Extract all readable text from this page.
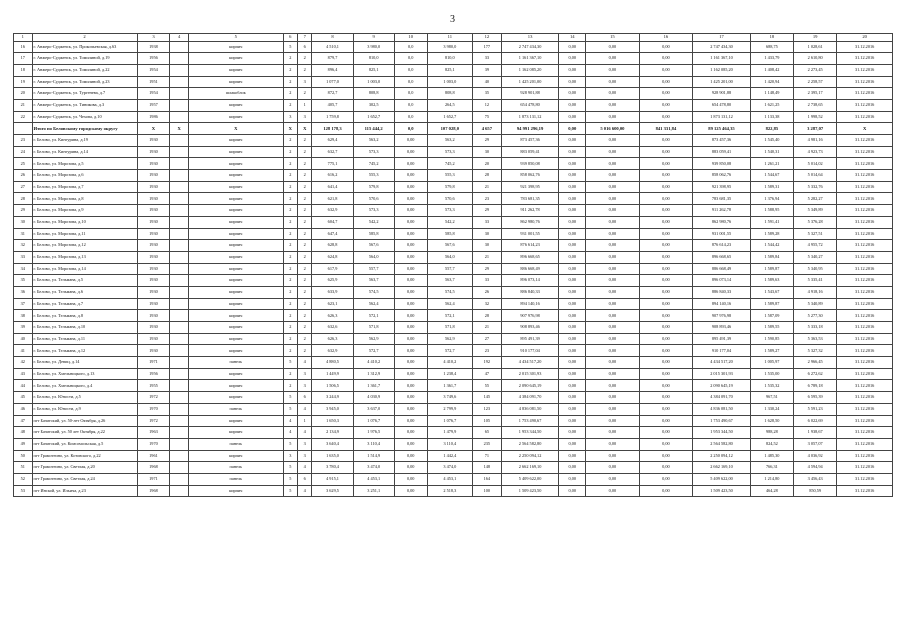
3
1	2	3	4	5	6	7	8	9	10	11	12	13	14	15	16	17	18	19	20
16	г. Анжеро-Судженск, ул. Прокопьевская, д.63	1938		кирпич	5	6	4 510,1	3 980,0	0,0	3 980,0	177	2 747 434,30	0,00	0,00	0,00	2 747 434,30	688,75	1 028,61	31.12.2016
17	г. Анжеро-Судженск, ул. Томилиной, д.19	1956		кирпич	2	2	879,7	810,0	0,0	810,0	33	1 161 367,10	0,00	0,00	0,00	1 161 367,10	1 433,79	2 610,80	31.12.2016
18	г. Анжеро-Судженск, ул. Томилиной, д.22	1954		кирпич	2	2	896,4	825,1	0,0	825,1	39	1 162 085,20	0,00	0,00	0,00	1 162 085,20	1 408,42	2 273,45	31.12.2016
19	г. Анжеро-Судженск, ул. Томилиной, д.23	1951		кирпич	2	3	1 077,0	1 003,0	0,0	1 003,0	40	1 425 201,00	0,00	0,00	0,00	1 425 201,00	1 420,94	2 258,57	31.12.2016
20	г. Анжеро-Судженск, ул. Тургенева, д.7	1954		шлакоблок	2	2	872,7	808,8	0,0	808,8	35	928 901,88	0,00	0,00	0,00	928 901,88	1 148,49	2 395,17	31.12.2016
21	г. Анжеро-Судженск, ул. Тиникова, д.3	1957		кирпич	2	1	405,7	302,5	0,0	264,5	12	654 478,80	0,00	0,00	0,00	654 478,80	1 621,25	2 738,65	31.12.2016
22	г. Анжеро-Судженск, ул. Чехова, д.10	1986		кирпич	3	3	1 759,8	1 652,7	0,0	1 652,7	75	1 873 131,12	0,00	0,00	0,00	1 873 131,12	1 133,38	1 998,52	31.12.2016
	Итого по Беловскому городскому округу	Х	Х	Х	Х	Х	128 178,3	115 444,2	0,0	107 028,0	4 657	94 991 296,19	0,00	5 016 600,00	841 331,84	89 125 464,35	822,85	3 287,07	Х
23	г. Белово, ул. Кингурина, д.19	1930		кирпич	2	2	629,4	563,2	0,00	563,2	29	873 457,36	0,00	0,00	0,00	873 457,36	1 545,40	4 981,16	31.12.2016
24	г. Белово, ул. Кингурина, д.14	1930		кирпич	2	2	632,7	573,3	0,00	573,3	30	883 059,41	0,00	0,00	0,00	883 059,41	1 540,31	4 923,73	31.12.2016
25	г. Белово, ул. Морозова, д.5	1930		кирпич	2	2	775,1	745,2	0,00	745,2	20	939 850,08	0,00	0,00	0,00	939 850,08	1 261,21	5 014,02	31.12.2016
26	г. Белово, ул. Морозова, д.6	1930		кирпич	2	2	616,2	555,3	0,00	555,3	28	858 062,76	0,00	0,00	0,00	858 062,76	1 544,67	5 014,64	31.12.2016
27	г. Белово, ул. Морозова, д.7	1930		кирпич	2	2	641,4	579,8	0,00	579,8	21	921 398,95	0,00	0,00	0,00	921 398,95	1 589,31	5 332,76	31.12.2016
28	г. Белово, ул. Морозова, д.8	1930		кирпич	2	2	621,8	570,6	0,00	570,6	23	783 681,35	0,00	0,00	0,00	783 681,35	1 376,94	5 282,27	31.12.2016
29	г. Белово, ул. Морозова, д.9	1930		кирпич	2	2	632,9	573,3	0,00	573,3	29	911 262,78	0,00	0,00	0,00	911 262,78	1 588,95	5 349,89	31.12.2016
30	г. Белово, ул. Морозова, д.10	1930		кирпич	2	2	604,7	542,2	0,00	542,2	33	862 980,76	0,00	0,00	0,00	862 980,76	1 591,41	5 376,28	31.12.2016
31	г. Белово, ул. Морозова, д.11	1930		кирпич	2	2	647,4	585,8	0,00	585,8	30	931 001,55	0,00	0,00	0,00	931 001,55	1 589,28	5 327,51	31.12.2016
32	г. Белово, ул. Морозова, д.12	1930		кирпич	2	2	628,8	567,6	0,00	567,6	30	876 614,23	0,00	0,00	0,00	876 614,23	1 544,42	4 955,72	31.12.2016
33	г. Белово, ул. Морозова, д.13	1930		кирпич	2	2	624,8	564,0	0,00	564,0	21	896 668,65	0,00	0,00	0,00	896 668,65	1 589,84	5 340,27	31.12.2016
34	г. Белово, ул. Морозова, д.14	1930		кирпич	2	2	617,9	557,7	0,00	557,7	29	886 668,49	0,00	0,00	0,00	886 668,49	1 589,87	5 340,95	31.12.2016
35	г. Белово, ул. Тельмана, д.5	1930		кирпич	2	2	625,9	563,7	0,00	563,7	33	896 073,14	0,00	0,00	0,00	896 073,14	1 589,63	5 335,41	31.12.2016
36	г. Белово, ул. Тельмана, д.6	1930		кирпич	2	2	633,9	574,5	0,00	574,5	26	886 840,33	0,00	0,00	0,00	886 840,33	1 543,67	4 918,16	31.12.2016
37	г. Белово, ул. Тельмана, д.7	1930		кирпич	2	2	623,1	562,4	0,00	562,4	32	894 140,16	0,00	0,00	0,00	894 140,16	1 589,87	5 340,89	31.12.2016
38	г. Белово, ул. Тельмана, д.8	1930		кирпич	2	2	626,3	572,1	0,00	572,1	28	907 976,98	0,00	0,00	0,00	907 976,98	1 587,09	5 277,30	31.12.2016
39	г. Белово, ул. Тельмана, д.10	1930		кирпич	2	2	632,6	571,8	0,00	571,8	21	908 893,46	0,00	0,00	0,00	908 893,46	1 589,55	5 333,18	31.12.2016
40	г. Белово, ул. Тельмана, д.11	1930		кирпич	2	2	626,3	562,9	0,00	562,9	27	895 491,39	0,00	0,00	0,00	895 491,39	1 590,85	5 363,53	31.12.2016
41	г. Белово, ул. Тельмана, д.12	1930		кирпич	2	2	632,9	572,7	0,00	572,7	23	910 177,04	0,00	0,00	0,00	910 177,04	1 589,27	5 327,32	31.12.2016
42	г. Белово, ул. Девиц, д.14	1971		панель	5	4	4 880,5	4 410,2	0,00	4 410,2	192	4 434 517,20	0,00	0,00	0,00	4 434 517,20	1 005,97	2 966,45	31.12.2016
43	г. Белово, ул. Хмельницкого, д.13	1956		кирпич	2	3	1 449,9	1 312,9	0,00	1 238,4	47	2 015 301,93	0,00	0,00	0,00	2 015 301,93	1 535,00	6 272,62	31.12.2016
44	г. Белово, ул. Хмельницкого, д.4	1955		кирпич	2	3	1 506,5	1 361,7	0,00	1 361,7	55	2 090 645,19	0,00	0,00	0,00	2 090 645,19	1 535,32	6 789,18	31.12.2016
45	г. Белово, ул. Юности, д.5	1972		кирпич	5	6	3 244,9	4 030,9	0,00	3 749,6	145	4 384 091,70	0,00	0,00	0,00	4 384 091,70	967,51	6 595,39	31.12.2016
46	г. Белово, ул. Юности, д.9	1970		панель	5	4	3 945,0	3 637,0	0,00	2 799,9	123	4 836 081,50	0,00	0,00	0,00	4 836 081,50	1 330,24	5 591,23	31.12.2016
47	пгт Бачатский, ул. 50-лет Октября, д.26	1972		кирпич	4	1	1 650,3	1 076,7	0,00	1 076,7	105	1 753 490,67	0,00	0,00	0,00	1 753 490,67	1 628,50	6 022,69	31.12.2016
48	пгт Бачатский, ул. 50 лет Октября, д.22	1963		кирпич	4	4	2 134,9	1 976,5	0,00	1 479,9	65	1 953 344,50	0,00	0,00	0,00	1 953 344,50	988,28	1 938,67	31.12.2016
49	пгт Бачатский, ул. Комсомольская, д.5	1970		панель	5	3	3 640,4	3 110,4	0,00	3 110,4	235	2 564 582,80	0,00	0,00	0,00	2 564 582,80	824,52	3 057,07	31.12.2016
50	пгт Грамотеино, ул. Котовского, д.22	1961		кирпич	3	3	1 635,0	1 514,9	0,00	1 442,4	71	2 250 094,12	0,00	0,00	0,00	2 250 094,12	1 485,30	4 036,92	31.12.2016
51	пгт Грамотеино, ул. Светлая, д.20	1968		панель	5	4	3 780,4	3 474,0	0,00	3 474,0	148	2 662 169,10	0,00	0,00	0,00	2 662 169,10	766,31	4 594,94	31.12.2016
52	пгт Грамотеино, ул. Светлая, д.24	1971		панель	5	6	4 915,1	4 453,1	0,00	4 453,1	164	5 409 622,00	0,00	0,00	0,00	5 409 622,00	1 214,80	3 456,43	31.12.2016
53	пгт Инской, ул. Ильича, д.23	1968		кирпич	5	4	3 629,5	3 251,1	0,00	2 518,3	100	1 509 423,50	0,00	0,00	0,00	1 509 423,50	464,28	850,59	31.12.2016
